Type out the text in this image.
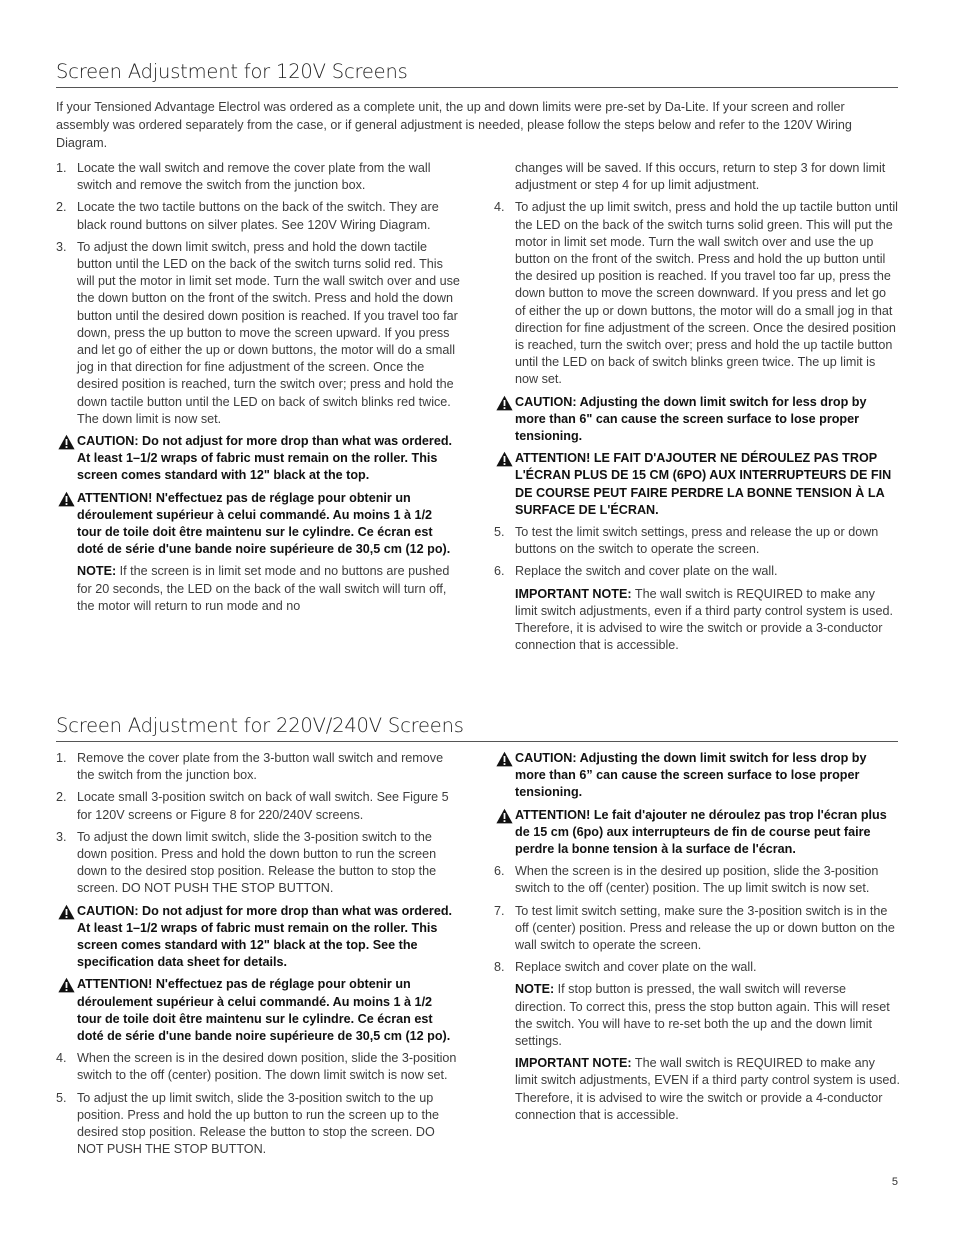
Screen Adjustment for 120V Screens

If your Tensioned Advantage Electrol was ordered as a complete unit, the up and down limits were pre-set by Da-Lite. If your screen and roller assembly was ordered separately from the case, or if general adjustment is needed, please follow the steps below and refer to the 120V Wiring Diagram.

1. Locate the wall switch and remove the cover plate from the wall switch and remove the switch from the junction box.
2. Locate the two tactile buttons on the back of the switch. They are black round buttons on silver plates. See 120V Wiring Diagram.
3. To adjust the down limit switch, press and hold the down tactile button until the LED on the back of the switch turns solid red. This will put the motor in limit set mode. Turn the wall switch over and use the down button on the front of the switch. Press and hold the down button until the desired down position is reached. If you travel too far down, press the up button to move the screen upward. If you press and let go of either the up or down buttons, the motor will do a small jog in that direction for fine adjustment of the screen. Once the desired position is reached, turn the switch over; press and hold the down tactile button until the LED on back of switch blinks red twice. The down limit is now set.
CAUTION: Do not adjust for more drop than what was ordered. At least 1–1/2 wraps of fabric must remain on the roller. This screen comes standard with 12" black at the top.
ATTENTION! N'effectuez pas de réglage pour obtenir un déroulement supérieur à celui commandé. Au moins 1 à 1/2 tour de toile doit être maintenu sur le cylindre. Ce écran est doté de série d'une bande noire supérieure de 30,5 cm (12 po).
NOTE: If the screen is in limit set mode and no buttons are pushed for 20 seconds, the LED on the back of the wall switch will turn off, the motor will return to run mode and no
changes will be saved. If this occurs, return to step 3 for down limit adjustment or step 4 for up limit adjustment.
4. To adjust the up limit switch, press and hold the up tactile button until the LED on the back of the switch turns solid green. This will put the motor in limit set mode. Turn the wall switch over and use the up button on the front of the switch. Press and hold the up button until the desired up position is reached. If you travel too far up, press the down button to move the screen downward. If you press and let go of either the up or down buttons, the motor will do a small jog in that direction for fine adjustment of the screen. Once the desired position is reached, turn the switch over; press and hold the up tactile button until the LED on back of switch blinks green twice. The up limit is now set.
CAUTION: Adjusting the down limit switch for less drop by more than 6" can cause the screen surface to lose proper tensioning.
ATTENTION! LE FAIT D'AJOUTER NE DÉROULEZ PAS TROP L'ÉCRAN PLUS DE 15 CM (6PO) AUX INTERRUPTEURS DE FIN DE COURSE PEUT FAIRE PERDRE LA BONNE TENSION À LA SURFACE DE L'ÉCRAN.
5. To test the limit switch settings, press and release the up or down buttons on the switch to operate the screen.
6. Replace the switch and cover plate on the wall.
IMPORTANT NOTE: The wall switch is REQUIRED to make any limit switch adjustments, even if a third party control system is used. Therefore, it is advised to wire the switch or provide a 3-conductor connection that is accessible.
Screen Adjustment for 220V/240V Screens
1. Remove the cover plate from the 3-button wall switch and remove the switch from the junction box.
2. Locate small 3-position switch on back of wall switch. See Figure 5 for 120V screens or Figure 8 for 220/240V screens.
3. To adjust the down limit switch, slide the 3-position switch to the down position. Press and hold the down button to run the screen down to the desired stop position. Release the button to stop the screen. DO NOT PUSH THE STOP BUTTON.
CAUTION: Do not adjust for more drop than what was ordered. At least 1–1/2 wraps of fabric must remain on the roller. This screen comes standard with 12" black at the top. See the specification data sheet for details.
ATTENTION! N'effectuez pas de réglage pour obtenir un déroulement supérieur à celui commandé. Au moins 1 à 1/2 tour de toile doit être maintenu sur le cylindre. Ce écran est doté de série d'une bande noire supérieure de 30,5 cm (12 po).
4. When the screen is in the desired down position, slide the 3-position switch to the off (center) position. The down limit switch is now set.
5. To adjust the up limit switch, slide the 3-position switch to the up position. Press and hold the up button to run the screen up to the desired stop position. Release the button to stop the screen. DO NOT PUSH THE STOP BUTTON.
CAUTION: Adjusting the down limit switch for less drop by more than 6” can cause the screen surface to lose proper tensioning.
ATTENTION! Le fait d'ajouter ne déroulez pas trop l'écran plus de 15 cm (6po) aux interrupteurs de fin de course peut faire perdre la bonne tension à la surface de l'écran.
6. When the screen is in the desired up position, slide the 3-position switch to the off (center) position. The up limit switch is now set.
7. To test limit switch setting, make sure the 3-position switch is in the off (center) position. Press and release the up or down button on the wall switch to operate the screen.
8. Replace switch and cover plate on the wall.
NOTE: If stop button is pressed, the wall switch will reverse direction. To correct this, press the stop button again. This will reset the switch. You will have to re-set both the up and the down limit settings.
IMPORTANT NOTE: The wall switch is REQUIRED to make any limit switch adjustments, EVEN if a third party control system is used. Therefore, it is advised to wire the switch or provide a 4-conductor connection that is accessible.
5
